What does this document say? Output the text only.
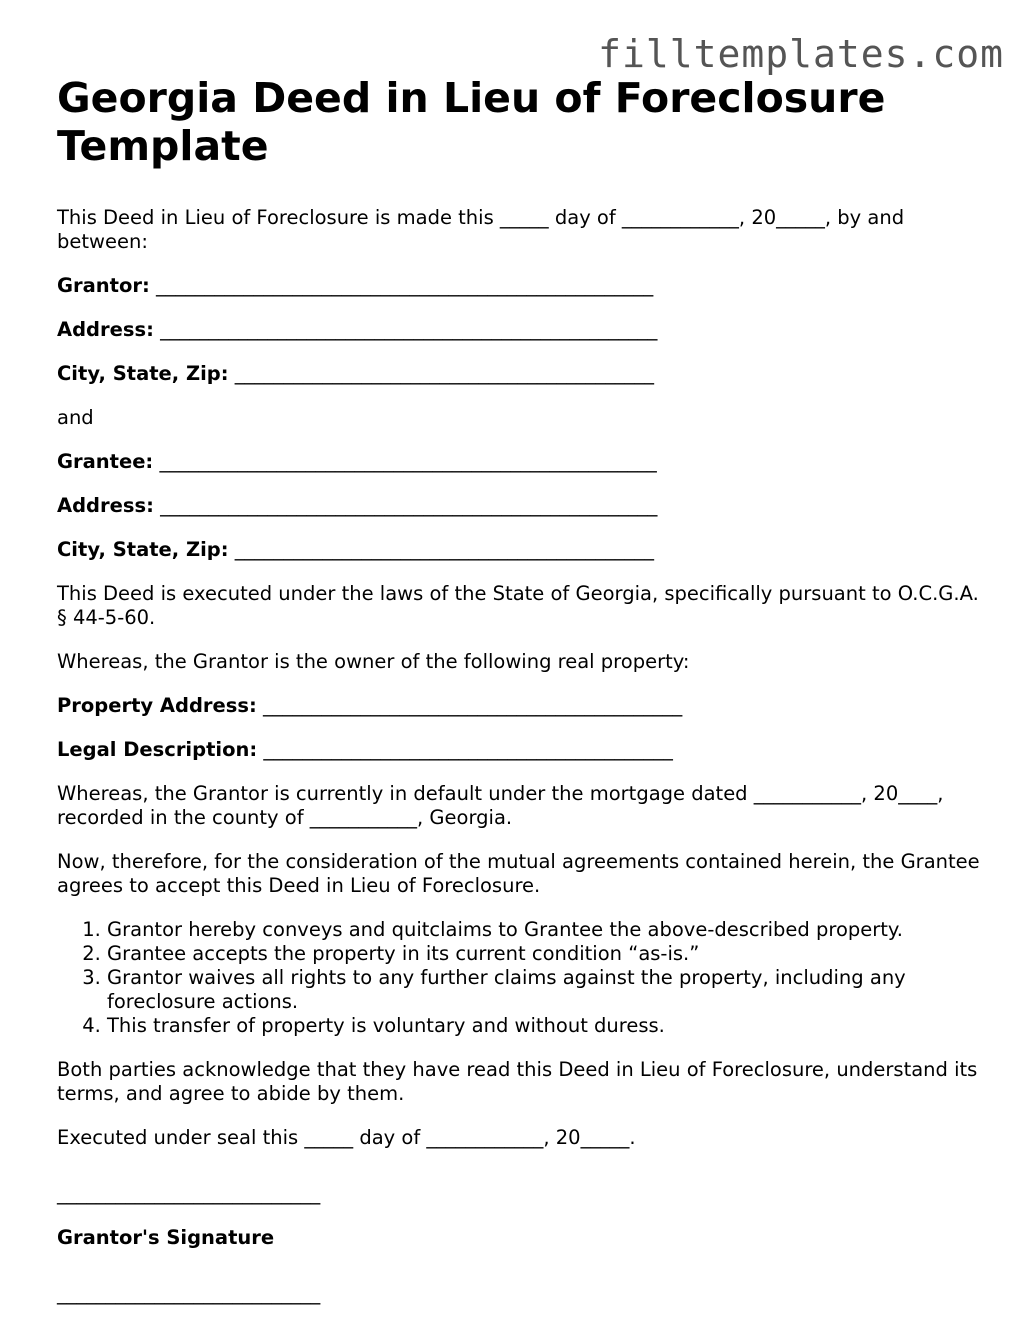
filltemplates.com
Georgia Deed in Lieu of Foreclosure Template

This Deed in Lieu of Foreclosure is made this _____ day of ____________, 20_____, by and between:

Grantor: ___________________________________________________

Address: ___________________________________________________

City, State, Zip: ___________________________________________

and

Grantee: ___________________________________________________

Address: ___________________________________________________

City, State, Zip: ___________________________________________

This Deed is executed under the laws of the State of Georgia, specifically pursuant to O.C.G.A. § 44-5-60.

Whereas, the Grantor is the owner of the following real property:

Property Address: ___________________________________________

Legal Description: __________________________________________

Whereas, the Grantor is currently in default under the mortgage dated ___________, 20____, recorded in the county of ___________, Georgia.

Now, therefore, for the consideration of the mutual agreements contained herein, the Grantee agrees to accept this Deed in Lieu of Foreclosure.

1. Grantor hereby conveys and quitclaims to Grantee the above-described property.
2. Grantee accepts the property in its current condition “as-is.”
3. Grantor waives all rights to any further claims against the property, including any foreclosure actions.
4. This transfer of property is voluntary and without duress.

Both parties acknowledge that they have read this Deed in Lieu of Foreclosure, understand its terms, and agree to abide by them.

Executed under seal this _____ day of ____________, 20_____.

___________________________

Grantor's Signature

___________________________
